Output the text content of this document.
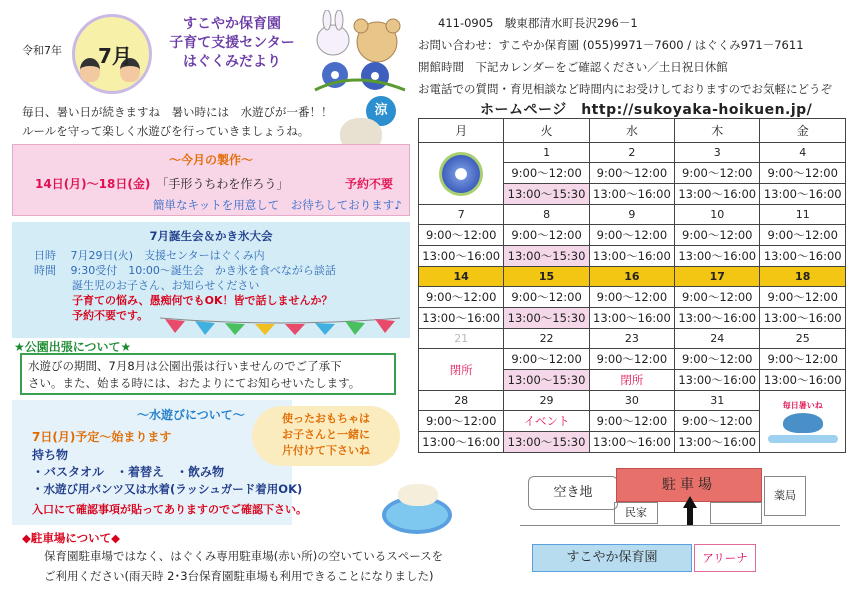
令和7年 7月
すこやか保育園
子育て支援センター
はぐくみだより
411-0905　駿東郡清水町長沢296－1
お問い合わせ：すこやか保育園 (055)9971－7600 / はぐくみ971－7611
開館時間　下記カレンダーをご確認ください／土日祝日休館
お電話での質問・育児相談など時間内にお受けしておりますのでお気軽にどうぞ
ホームページ　http://sukoyaka-hoikuen.jp/
毎日、暑い日が続きますね　暑い時には　水遊びが一番！！
ルールを守って楽しく水遊びを行っていきましょうね。
涼
～今月の製作～
14日(月)～18日(金) 「手形うちわを作ろう」	予約不要
簡単なキットを用意して　お待ちしております♪
7月誕生会＆かき氷大会
日時　 7月29日(火)　支援センターはぐくみ内
時間　 9:30受付　10:00～誕生会　かき氷を食べながら談話
誕生児のお子さん、お知らせください
子育ての悩み、愚痴何でもOK！皆で話しませんか？
予約不要です。
★公園出張について★
水遊びの期間、7月8月は公園出張は行いませんのでご了承下
さい。また、始まる時には、おたよりにてお知らせいたします。
～水遊びについて～
7日(月)予定～始まります
持ち物
・バスタオル　・着替え　・飲み物
・水遊び用パンツ又は水着(ラッシュガード着用OK)
入口にて確認事項が貼ってありますのでご確認下さい。
使ったおもちゃは
お子さんと一緒に
片付けて下さいね
◆駐車場について◆
保育園駐車場ではなく、はぐくみ専用駐車場(赤い所)の空いているスペースを
ご利用ください(雨天時 2･3台保育園駐車場も利用できることになりました)
月	火	水	木	金

	1	2	3	4
	9:00～12:00	9:00～12:00	9:00～12:00	9:00～12:00
	13:00～15:30	13:00～16:00	13:00～16:00	13:00～16:00
7	8	9	10	11
9:00～12:00	9:00～12:00	9:00～12:00	9:00～12:00	9:00～12:00
13:00～16:00	13:00～15:30	13:00～16:00	13:00～16:00	13:00～16:00
14	15	16	17	18
9:00～12:00	9:00～12:00	9:00～12:00	9:00～12:00	9:00～12:00
13:00～16:00	13:00～15:30	13:00～16:00	13:00～16:00	13:00～16:00
21	22	23	24	25
閉所	9:00～12:00	9:00～12:00	9:00～12:00	9:00～12:00
	13:00～15:30	閉所	13:00～16:00	13:00～16:00
28	29	30	31	毎日暑いね

9:00～12:00	イベント	9:00～12:00	9:00～12:00	
13:00～16:00	13:00～15:30	13:00～16:00	13:00～16:00	
空き地	駐車場
民家
薬局
すこやか保育園	アリーナ
